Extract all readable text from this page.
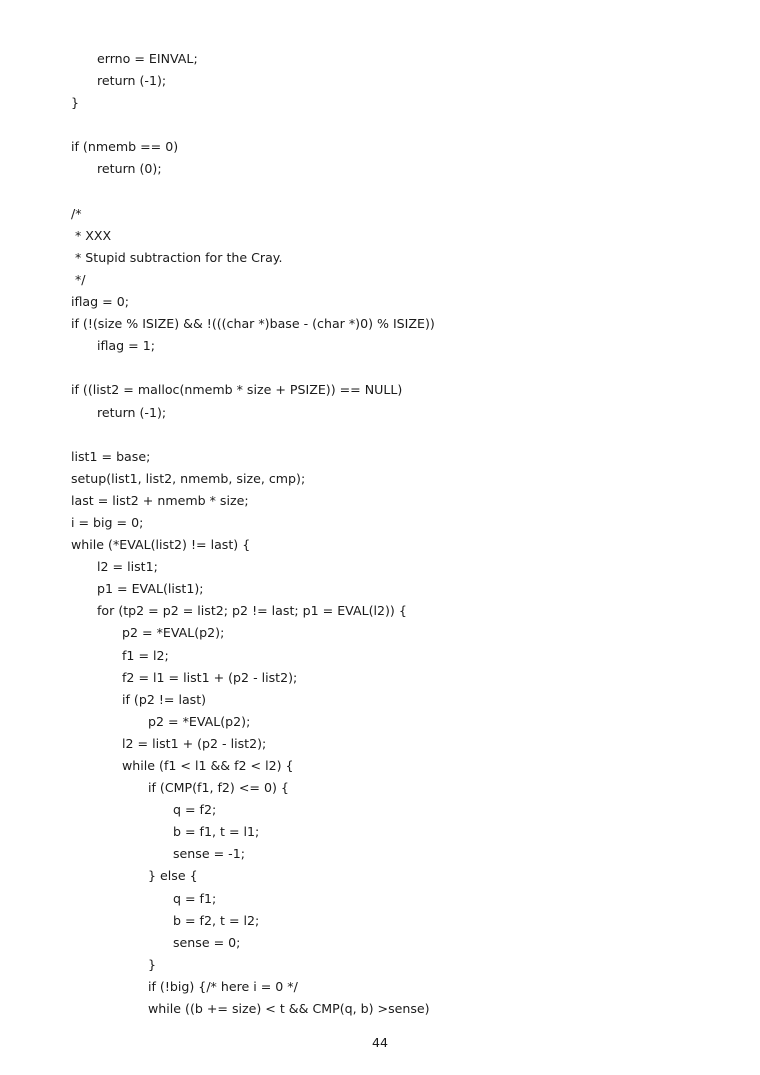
errno = EINVAL;
return (-1);
}
if (nmemb == 0)
return (0);
/*
* XXX
* Stupid subtraction for the Cray.
*/
iflag = 0;
if (!(size % ISIZE) && !(((char *)base - (char *)0) % ISIZE))
iflag = 1;
if ((list2 = malloc(nmemb * size + PSIZE)) == NULL)
return (-1);
list1 = base;
setup(list1, list2, nmemb, size, cmp);
last = list2 + nmemb * size;
i = big = 0;
while (*EVAL(list2) != last) {
l2 = list1;
p1 = EVAL(list1);
for (tp2 = p2 = list2; p2 != last; p1 = EVAL(l2)) {
p2 = *EVAL(p2);
f1 = l2;
f2 = l1 = list1 + (p2 - list2);
if (p2 != last)
p2 = *EVAL(p2);
l2 = list1 + (p2 - list2);
while (f1 < l1 && f2 < l2) {
if (CMP(f1, f2) <= 0) {
q = f2;
b = f1, t = l1;
sense = -1;
} else {
q = f1;
b = f2, t = l2;
sense = 0;
}
if (!big) {/* here i = 0 */
while ((b += size) < t && CMP(q, b) >sense)
44
